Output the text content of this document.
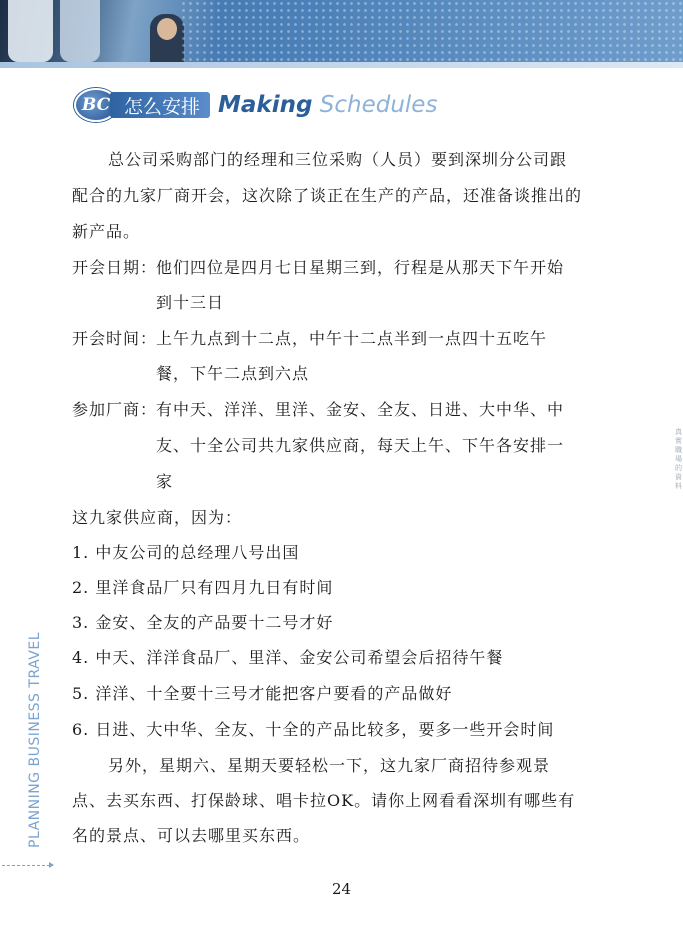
BC 怎么安排 Making Schedules
总公司采购部门的经理和三位采购（人员）要到深圳分公司跟
配合的九家厂商开会，这次除了谈正在生产的产品，还准备谈推出的
新产品。
开会日期：
他们四位是四月七日星期三到，行程是从那天下午开始
到十三日
开会时间：
上午九点到十二点，中午十二点半到一点四十五吃午
餐，下午二点到六点
参加厂商：
有中天、洋洋、里洋、金安、全友、日进、大中华、中
友、十全公司共九家供应商，每天上午、下午各安排一
家
这九家供应商，因为：
1. 中友公司的总经理八号出国
2. 里洋食品厂只有四月九日有时间
3. 金安、全友的产品要十二号才好
4. 中天、洋洋食品厂、里洋、金安公司希望会后招待午餐
5. 洋洋、十全要十三号才能把客户要看的产品做好
6. 日进、大中华、全友、十全的产品比较多，要多一些开会时间
另外，星期六、星期天要轻松一下，这九家厂商招待参观景
点、去买东西、打保龄球、唱卡拉OK。请你上网看看深圳有哪些有
名的景点、可以去哪里买东西。
PLANNING BUSINESS TRAVEL
真實職場的資料
24
